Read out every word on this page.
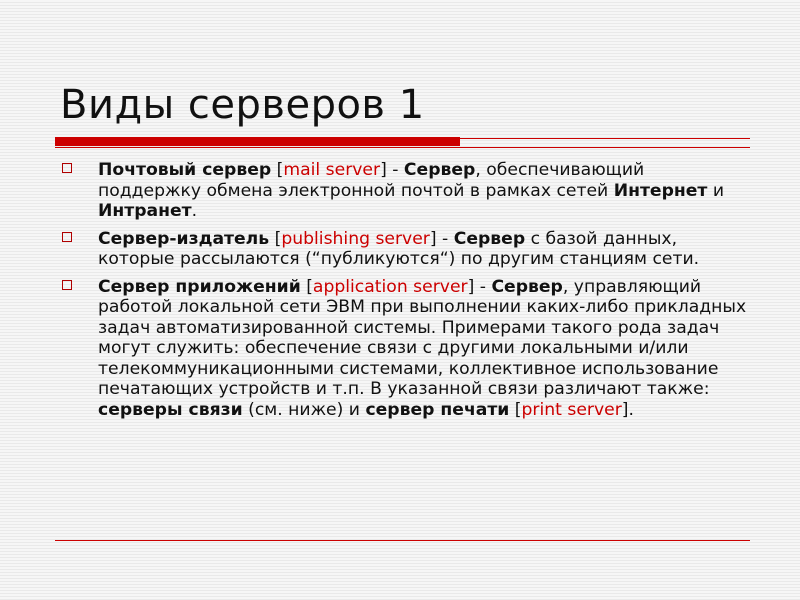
Виды серверов 1
Почтовый сервер [mail server] - Сервер, обеспечивающий поддержку обмена электронной почтой в рамках сетей Интернет и Интранет.
Сервер-издатель [publishing server] - Сервер с базой данных, которые рассылаются (“публикуются“) по другим станциям сети.
Сервер приложений [application server] - Сервер, управляющий работой локальной сети ЭВМ при выполнении каких-либо прикладных задач автоматизированной системы. Примерами такого рода задач могут служить: обеспечение связи с другими локальными и/или телекоммуникационными системами, коллективное использование печатающих устройств и т.п. В указанной связи различают также: серверы связи (см. ниже) и сервер печати [print server].
